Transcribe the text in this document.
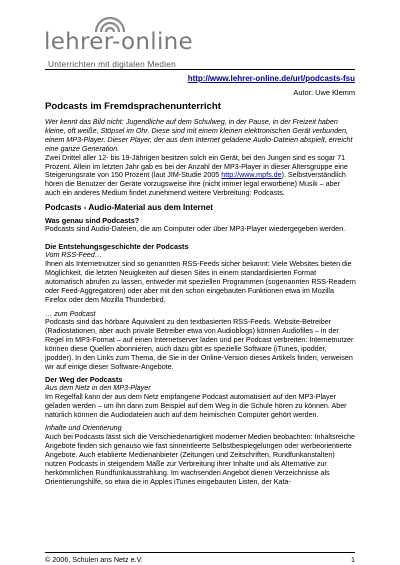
lehrer-online
Unterrichten mit digitalen Medien
http://www.lehrer-online.de/url/podcasts-fsu
Autor: Uwe Klemm
Podcasts im Fremdsprachenunterricht

Wer kennt das Bild nicht: Jugendliche auf dem Schulweg, in der Pause, in der Freizeit haben kleine, oft weiße, Stöpsel im Ohr. Diese sind mit einem kleinen elektronischen Gerät verbunden, einem MP3-Player. Dieser Player, der aus dem Internet geladene Audio-Dateien abspielt, erreicht eine ganze Generation.

Zwei Drittel aller 12- bis 19-Jährigen besitzen solch ein Gerät, bei den Jungen sind es sogar 71 Prozent. Allein im letzten Jahr gab es bei der Anzahl der MP3-Player in dieser Altersgruppe eine Steigerungsrate von 150 Prozent (laut JIM-Studie 2005 http://www.mpfs.de). Selbstverständlich hören die Benutzer der Geräte vorzugsweise ihre (nicht immer legal erworbene) Musik – aber auch ein anderes Medium findet zunehmend weitere Verbreitung: Podcasts.

Podcasts - Audio-Material aus dem Internet
Was genau sind Podcasts?

Podcasts sind Audio-Dateien, die am Computer oder über MP3-Player wiedergegeben werden.

Die Entstehungsgeschichte der Podcasts

Vom RSS-Feed…

Ihnen als Internetnutzer sind so genannten RSS-Feeds sicher bekannt: Viele Websites bieten die Möglichkeit, die letzten Neuigkeiten auf diesen Sites in einem standardisierten Format automatisch abrufen zu lassen, entweder mit speziellen Programmen (sogenannten RSS-Readern oder Feed-Aggregatoren) oder aber mit den schon eingebauten Funktionen etwa im Mozilla Firefox oder dem Mozilla Thunderbird.

… zum Podcast

Podcasts sind das hörbare Äquivalent zu den textbasierten RSS-Feeds. Website-Betreiber (Radiostationen, aber auch private Betreiber etwa von Audioblogs) können Audiofiles – in der Regel im MP3-Format – auf einen Internetserver laden und per Podcast verbreiten: Internetnutzer können diese Quellen abonnieren, auch dazu gibt es spezielle Software (iTunes, ipodder, jpodder). In den Links zum Thema, die Sie in der Online-Version dieses Artikels finden, verweisen wir auf einige dieser Software-Angebote.

Der Weg der Podcasts

Aus dem Netz in den MP3-Player

Im Regelfall kann der aus dem Netz empfangene Podcast automatisiert auf den MP3-Player geladen werden – um ihn dann zum Beispiel auf dem Weg in die Schule hören zu können. Aber natürlich können die Audiodateien auch auf dem heimischen Computer gehört werden.

Inhalte und Orientierung

Auch bei Podcasts lässt sich die Verschiedenartigkeit moderner Medien beobachten: Inhaltsreiche Angebote finden sich genauso wie fast sinnentleerte Selbstbespiegelungen oder werbeorientierte Angebote. Auch etablierte Medienanbieter (Zeitungen und Zeitschriften, Rundfunkanstalten) nutzen Podcasts in steigendem Maße zur Verbreitung ihrer Inhalte und als Alternative zur herkömmlichen Rundfunkausstrahlung. Im wachsenden Angebot dienen Verzeichnisse als Orientierungshilfe, so etwa die in Apples iTunes eingebauten Listen, der Kata-

© 2006, Schulen ans Netz e.V.	1
